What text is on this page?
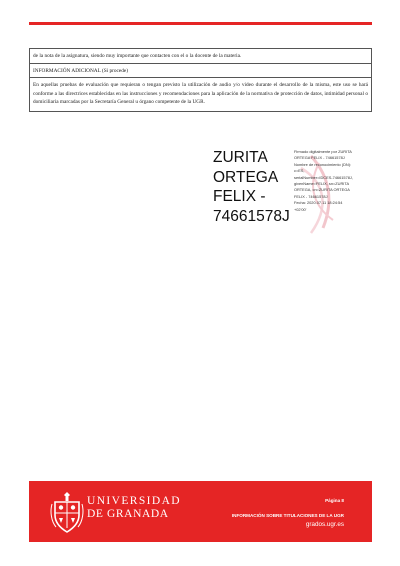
de la nota de la asignatura, siendo muy importante que contacten con el o la docente de la materia.
INFORMACIÓN ADICIONAL (Si procede)
En aquellas pruebas de evaluación que requieran o tengan previsto la utilización de audio y/o video durante el desarrollo de la misma, este uso se hará conforme a las directrices establecidas en las instrucciones y recomendaciones para la aplicación de la normativa de protección de datos, intimidad personal o domiciliaria marcadas por la Secretaría General u órgano competente de la UGR.
ZURITA
ORTEGA
FELIX -
74661578J
Firmado digitalmente por ZURITA
ORTEGA FELIX - 74661578J
Nombre de reconocimiento (DN):
c=ES,
serialNumber=IDCES-74661578J,
givenName=FELIX, sn=ZURITA
ORTEGA, cn=ZURITA ORTEGA
FELIX - 74661578J
Fecha: 2020.07.11 18:24:54
+02'00'
UNIVERSIDAD
DE GRANADA
Página 8
INFORMACIÓN SOBRE TITULACIONES DE LA UGR
grados.ugr.es
